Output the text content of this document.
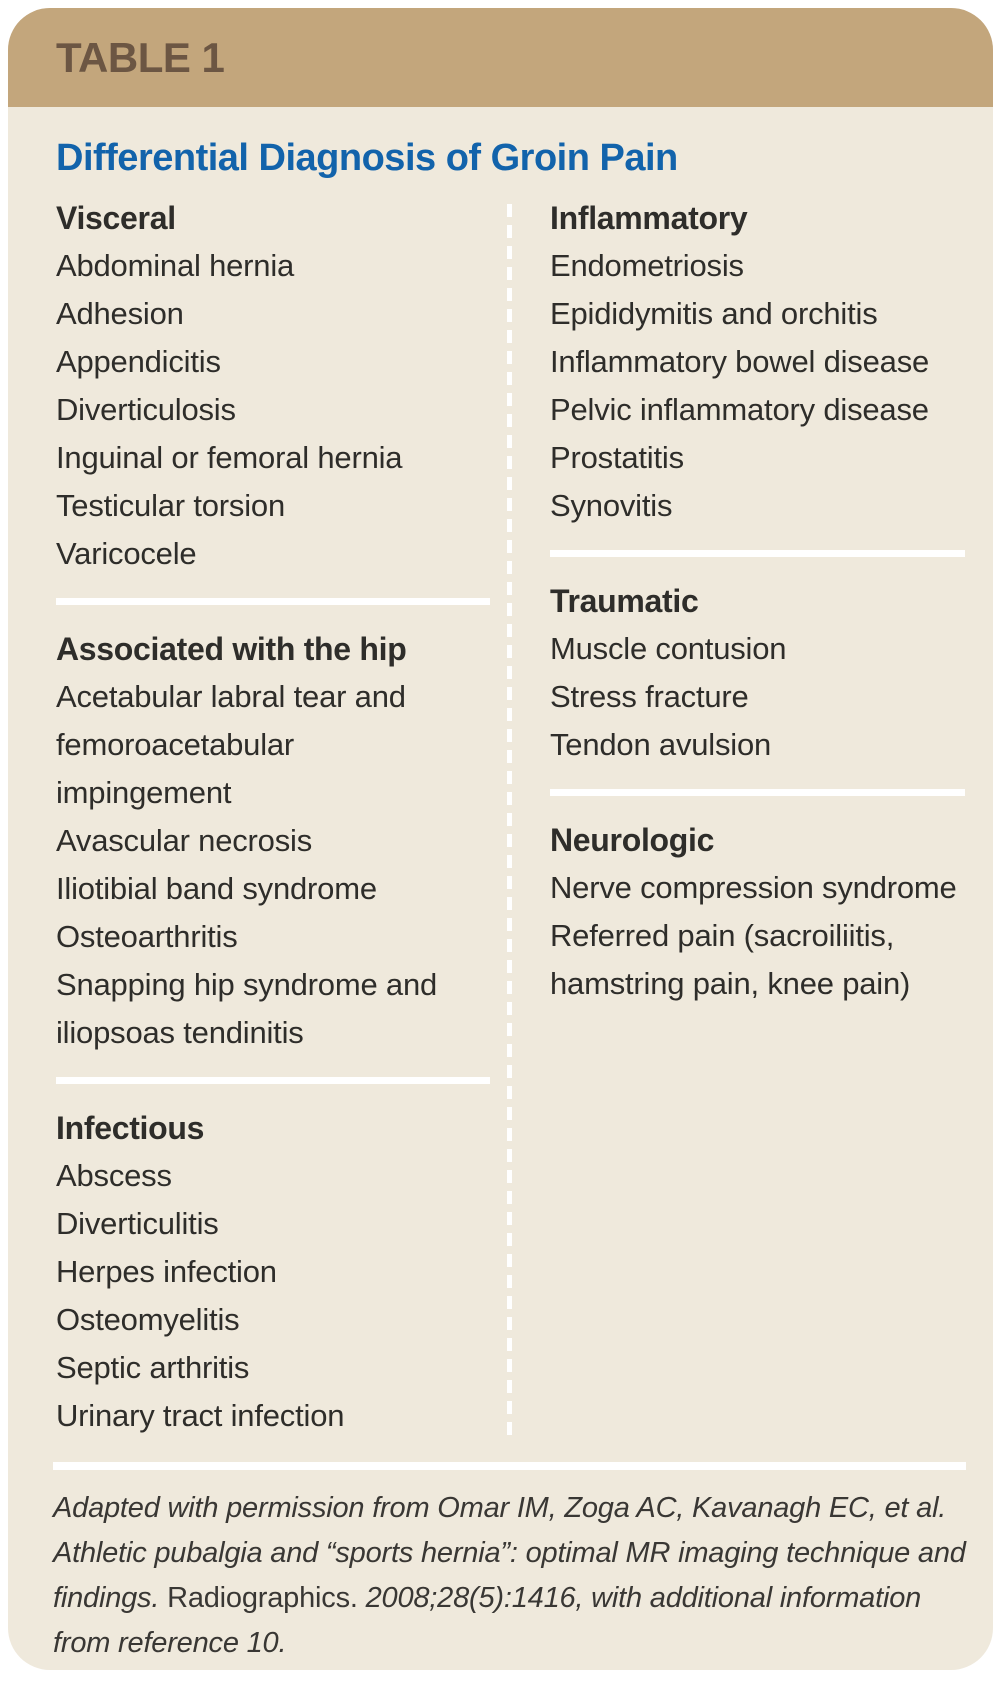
TABLE 1
Differential Diagnosis of Groin Pain
Visceral

Abdominal hernia

Adhesion

Appendicitis

Diverticulosis

Inguinal or femoral hernia

Testicular torsion

Varicocele

Associated with the hip

Acetabular labral tear and femoroacetabular impingement

Avascular necrosis

Iliotibial band syndrome

Osteoarthritis

Snapping hip syndrome and iliopsoas tendinitis

Infectious

Abscess

Diverticulitis

Herpes infection

Osteomyelitis

Septic arthritis

Urinary tract infection

Inflammatory

Endometriosis

Epididymitis and orchitis

Inflammatory bowel disease

Pelvic inflammatory disease

Prostatitis

Synovitis

Traumatic

Muscle contusion

Stress fracture

Tendon avulsion

Neurologic

Nerve compression syndrome

Referred pain (sacroiliitis, hamstring pain, knee pain)

Adapted with permission from Omar IM, Zoga AC, Kavanagh EC, et al. Athletic pubalgia and “sports hernia”: optimal MR imaging technique and findings. Radiographics. 2008;28(5):1416, with additional information from reference 10.
